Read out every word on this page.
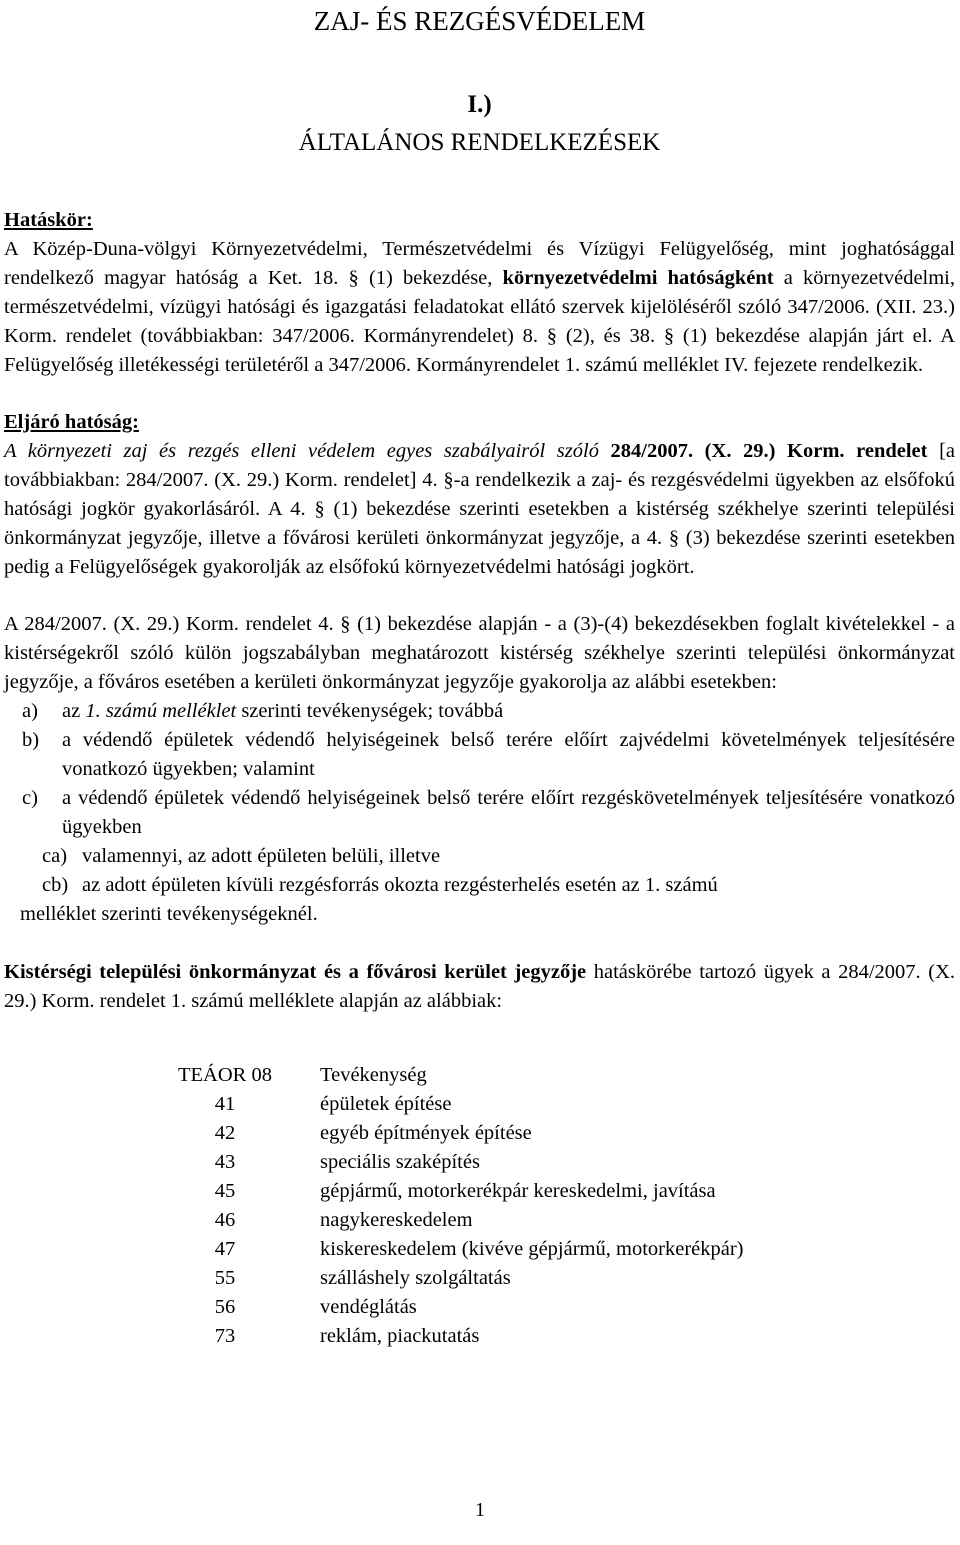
ZAJ- ÉS REZGÉSVÉDELEM
I.)
ÁLTALÁNOS RENDELKEZÉSEK
Hatáskör:

A Közép-Duna-völgyi Környezetvédelmi, Természetvédelmi és Vízügyi Felügyelőség, mint joghatósággal rendelkező magyar hatóság a Ket. 18. § (1) bekezdése, környezetvédelmi hatóságként a környezetvédelmi, természetvédelmi, vízügyi hatósági és igazgatási feladatokat ellátó szervek kijelöléséről szóló 347/2006. (XII. 23.) Korm. rendelet (továbbiakban: 347/2006. Kormányrendelet) 8. § (2), és 38. § (1) bekezdése alapján járt el. A Felügyelőség illetékességi területéről a 347/2006. Kormányrendelet 1. számú melléklet IV. fejezete rendelkezik.

Eljáró hatóság:

A környezeti zaj és rezgés elleni védelem egyes szabályairól szóló 284/2007. (X. 29.) Korm. rendelet [a továbbiakban: 284/2007. (X. 29.) Korm. rendelet] 4. §-a rendelkezik a zaj- és rezgésvédelmi ügyekben az elsőfokú hatósági jogkör gyakorlásáról. A 4. § (1) bekezdése szerinti esetekben a kistérség székhelye szerinti települési önkormányzat jegyzője, illetve a fővárosi kerületi önkormányzat jegyzője, a 4. § (3) bekezdése szerinti esetekben pedig a Felügyelőségek gyakorolják az elsőfokú környezetvédelmi hatósági jogkört.

A 284/2007. (X. 29.) Korm. rendelet 4. § (1) bekezdése alapján - a (3)-(4) bekezdésekben foglalt kivételekkel - a kistérségekről szóló külön jogszabályban meghatározott kistérség székhelye szerinti települési önkormányzat jegyzője, a főváros esetében a kerületi önkormányzat jegyzője gyakorolja az alábbi esetekben:

a) az 1. számú melléklet szerinti tevékenységek; továbbá
b) a védendő épületek védendő helyiségeinek belső terére előírt zajvédelmi követelmények teljesítésére vonatkozó ügyekben; valamint
c) a védendő épületek védendő helyiségeinek belső terére előírt rezgéskövetelmények teljesítésére vonatkozó ügyekben
ca) valamennyi, az adott épületen belüli, illetve
cb) az adott épületen kívüli rezgésforrás okozta rezgésterhelés esetén az 1. számú
melléklet szerinti tevékenységeknél.

Kistérségi települési önkormányzat és a fővárosi kerület jegyzője hatáskörébe tartozó ügyek a 284/2007. (X. 29.) Korm. rendelet 1. számú melléklete alapján az alábbiak:

TEÁOR 08	Tevékenység
41	épületek építése
42	egyéb építmények építése
43	speciális szaképítés
45	gépjármű, motorkerékpár kereskedelmi, javítása
46	nagykereskedelem
47	kiskereskedelem (kivéve gépjármű, motorkerékpár)
55	szálláshely szolgáltatás
56	vendéglátás
73	reklám, piackutatás
1
